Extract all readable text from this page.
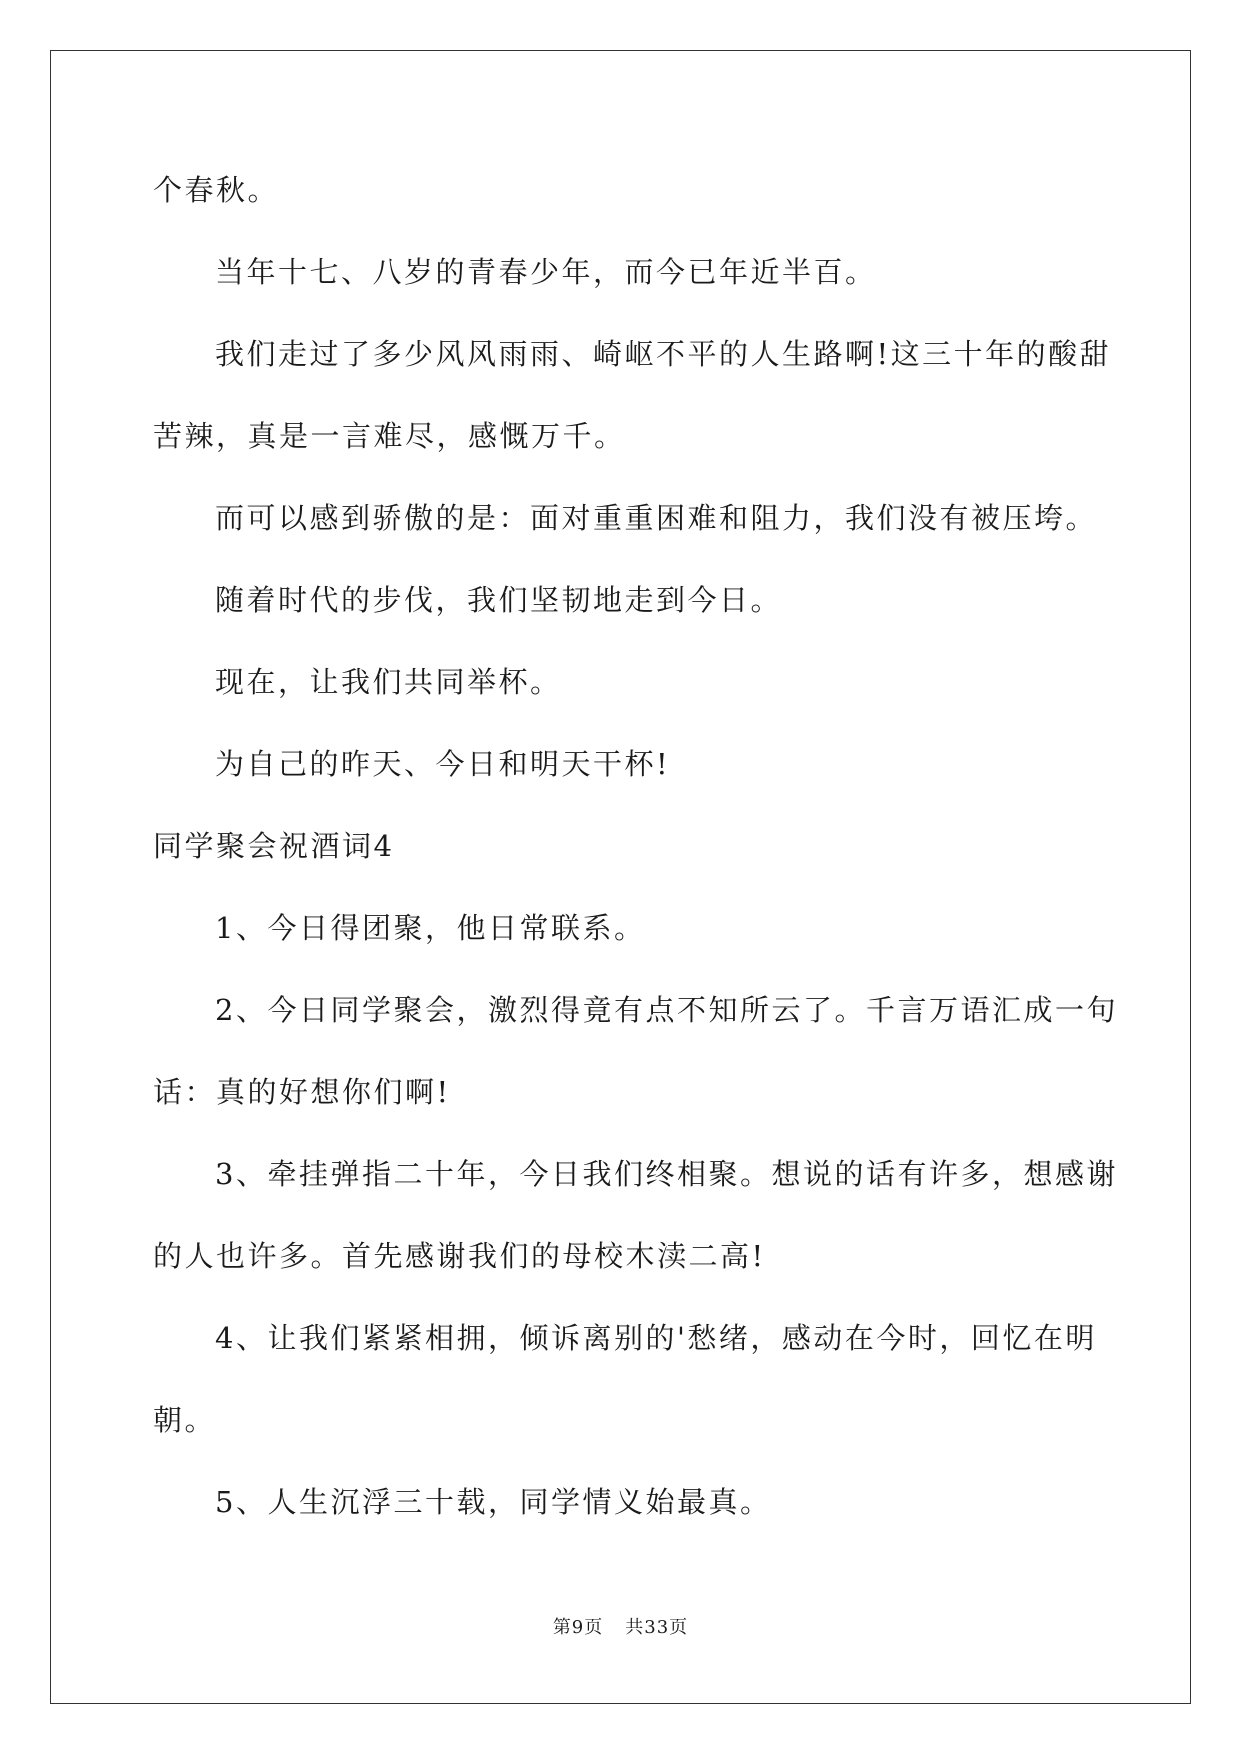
个春秋。

当年十七、八岁的青春少年，而今已年近半百。

我们走过了多少风风雨雨、崎岖不平的人生路啊!这三十年的酸甜

苦辣，真是一言难尽，感慨万千。

而可以感到骄傲的是：面对重重困难和阻力，我们没有被压垮。

随着时代的步伐，我们坚韧地走到今日。

现在，让我们共同举杯。

为自己的昨天、今日和明天干杯!

同学聚会祝酒词4

1、今日得团聚，他日常联系。

2、今日同学聚会，激烈得竟有点不知所云了。千言万语汇成一句

话：真的好想你们啊!

3、牵挂弹指二十年，今日我们终相聚。想说的话有许多，想感谢

的人也许多。首先感谢我们的母校木渎二高!

4、让我们紧紧相拥，倾诉离别的'愁绪，感动在今时，回忆在明

朝。

5、人生沉浮三十载，同学情义始最真。

第9页 共33页
